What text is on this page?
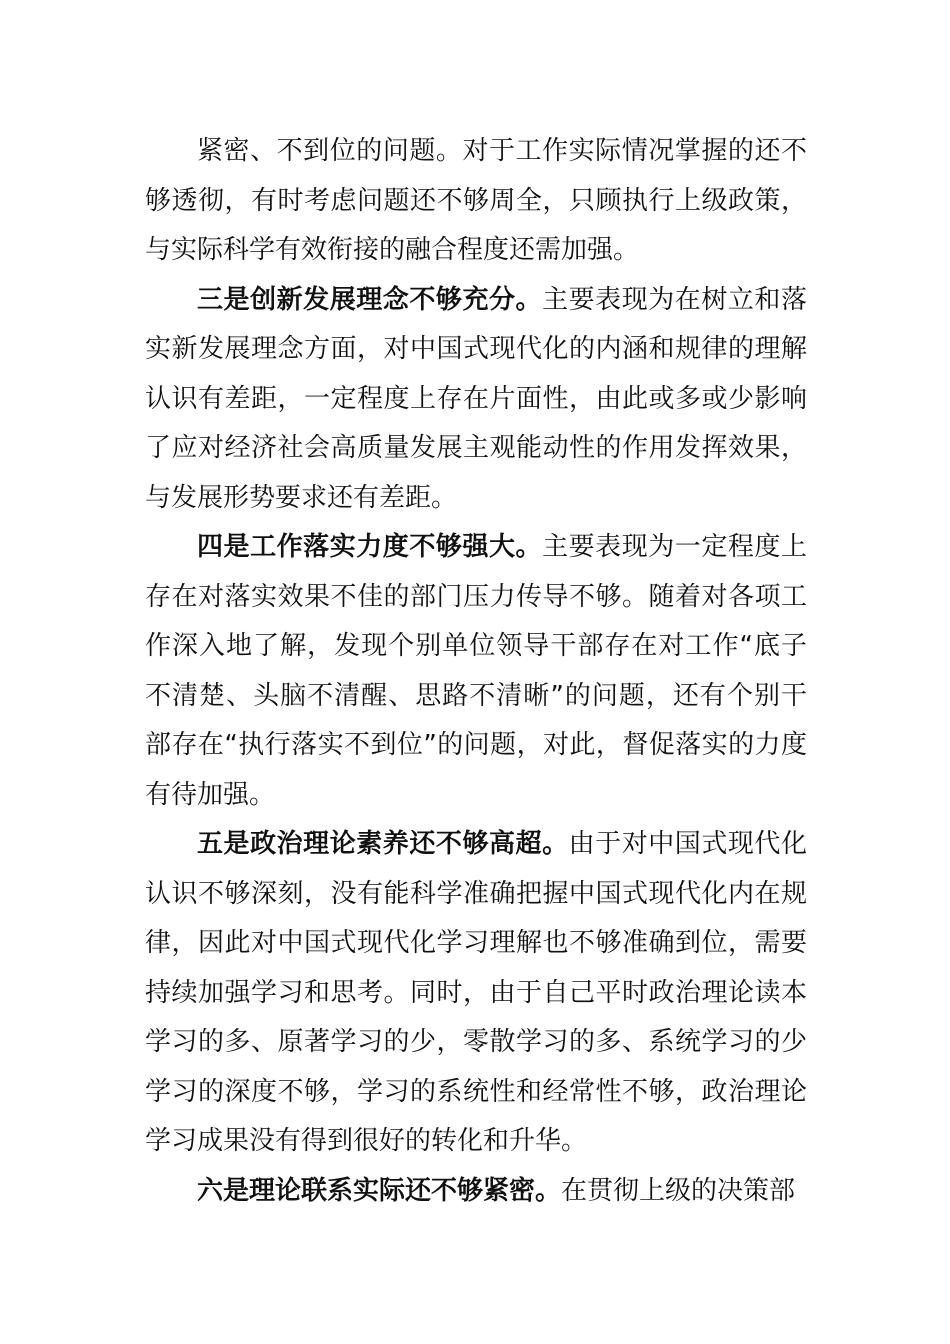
紧密、不到位的问题。对于工作实际情况掌握的还不够透彻，有时考虑问题还不够周全，只顾执行上级政策，与实际科学有效衔接的融合程度还需加强。

三是创新发展理念不够充分。主要表现为在树立和落实新发展理念方面，对中国式现代化的内涵和规律的理解认识有差距，一定程度上存在片面性，由此或多或少影响了应对经济社会高质量发展主观能动性的作用发挥效果，与发展形势要求还有差距。

四是工作落实力度不够强大。主要表现为一定程度上存在对落实效果不佳的部门压力传导不够。随着对各项工作深入地了解，发现个别单位领导干部存在对工作“底子不清楚、头脑不清醒、思路不清晰”的问题，还有个别干部存在“执行落实不到位”的问题，对此，督促落实的力度有待加强。

五是政治理论素养还不够高超。由于对中国式现代化认识不够深刻，没有能科学准确把握中国式现代化内在规律，因此对中国式现代化学习理解也不够准确到位，需要持续加强学习和思考。同时，由于自己平时政治理论读本学习的多、原著学习的少，零散学习的多、系统学习的少学习的深度不够，学习的系统性和经常性不够，政治理论学习成果没有得到很好的转化和升华。

六是理论联系实际还不够紧密。在贯彻上级的决策部
